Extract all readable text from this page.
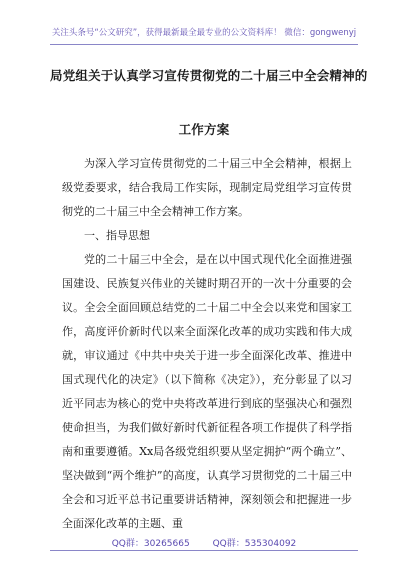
关注头条号“公文研究”，获得最新最全最专业的公文资料库！ 微信：gongwenyj
局党组关于认真学习宣传贯彻党的二十届三中全会精神的
工作方案

为深入学习宣传贯彻党的二十届三中全会精神，根据上级党委要求，结合我局工作实际，现制定局党组学习宣传贯彻党的二十届三中全会精神工作方案。

一、指导思想

党的二十届三中全会，是在以中国式现代化全面推进强国建设、民族复兴伟业的关键时期召开的一次十分重要的会议。全会全面回顾总结党的二十届二中全会以来党和国家工作，高度评价新时代以来全面深化改革的成功实践和伟大成就，审议通过《中共中央关于进一步全面深化改革、推进中国式现代化的决定》（以下简称《决定》），充分彰显了以习近平同志为核心的党中央将改革进行到底的坚强决心和强烈使命担当，为我们做好新时代新征程各项工作提供了科学指南和重要遵循。Xx局各级党组织要从坚定拥护“两个确立”、坚决做到“两个维护”的高度，认真学习贯彻党的二十届三中全会和习近平总书记重要讲话精神，深刻领会和把握进一步全面深化改革的主题、重

QQ群：30265665	QQ群：535304092
